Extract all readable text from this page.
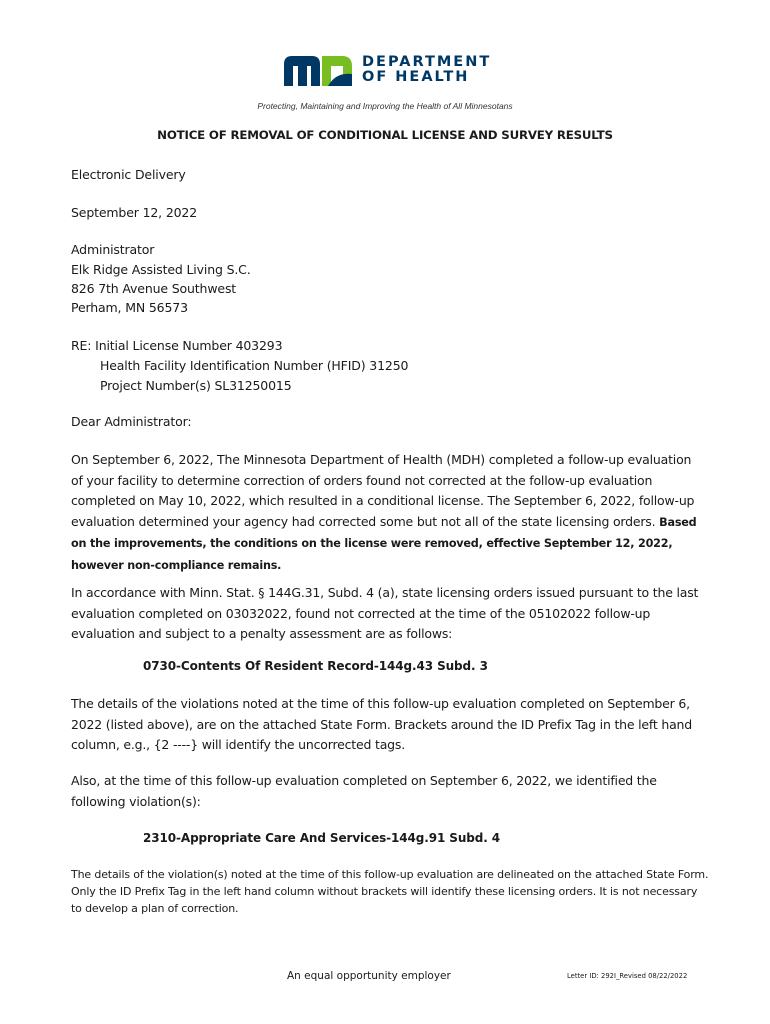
DEPARTMENT
OF HEALTH
Protecting, Maintaining and Improving the Health of All Minnesotans
NOTICE OF REMOVAL OF CONDITIONAL LICENSE AND SURVEY RESULTS
Electronic Delivery
September 12, 2022
Administrator
Elk Ridge Assisted Living S.C.
826 7th Avenue Southwest
Perham, MN 56573
RE: Initial License Number 403293
Health Facility Identification Number (HFID) 31250
Project Number(s) SL31250015
Dear Administrator:
On September 6, 2022, The Minnesota Department of Health (MDH) completed a follow-up evaluation of your facility to determine correction of orders found not corrected at the follow-up evaluation completed on May 10, 2022, which resulted in a conditional license. The September 6, 2022, follow-up evaluation determined your agency had corrected some but not all of the state licensing orders. Based on the improvements, the conditions on the license were removed, effective September 12, 2022, however non-compliance remains.
In accordance with Minn. Stat. § 144G.31, Subd. 4 (a), state licensing orders issued pursuant to the last evaluation completed on 03032022, found not corrected at the time of the 05102022 follow-up evaluation and subject to a penalty assessment are as follows:
0730-Contents Of Resident Record-144g.43 Subd. 3
The details of the violations noted at the time of this follow-up evaluation completed on September 6, 2022 (listed above), are on the attached State Form. Brackets around the ID Prefix Tag in the left hand column, e.g., {2 ----} will identify the uncorrected tags.
Also, at the time of this follow-up evaluation completed on September 6, 2022, we identified the following violation(s):
2310-Appropriate Care And Services-144g.91 Subd. 4
The details of the violation(s) noted at the time of this follow-up evaluation are delineated on the attached State Form. Only the ID Prefix Tag in the left hand column without brackets will identify these licensing orders. It is not necessary to develop a plan of correction.
An equal opportunity employer	Letter ID: 292I_Revised 08/22/2022
